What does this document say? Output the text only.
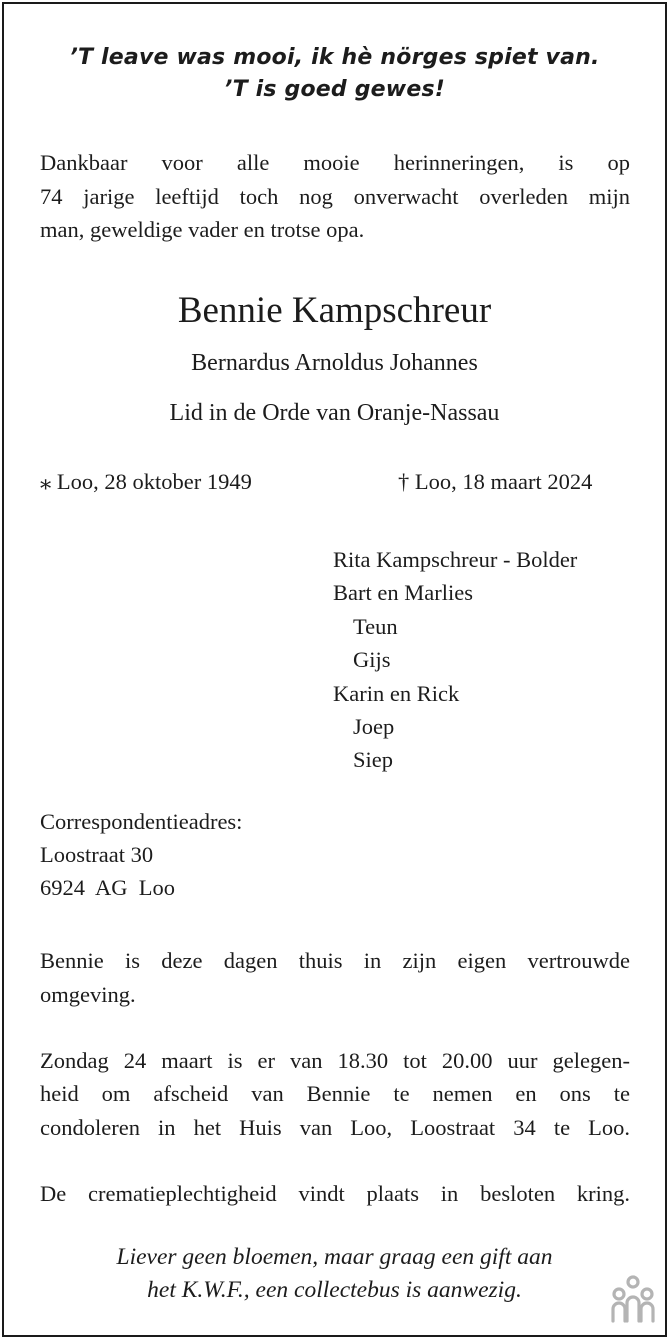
’T leave was mooi, ik hè nörges spiet van.

’T is goed gewes!

Dankbaar voor alle mooie herinneringen, is op

74 jarige leeftijd toch nog onverwacht overleden mijn

man, geweldige vader en trotse opa.

Bennie Kampschreur

Bernardus Arnoldus Johannes

Lid in de Orde van Oranje-Nassau

⁎ Loo, 28 oktober 1949	† Loo, 18 maart 2024

Rita Kampschreur - Bolder

Bart en Marlies

Teun

Gijs

Karin en Rick

Joep

Siep

Correspondentieadres:

Loostraat 30

6924  AG  Loo

Bennie is deze dagen thuis in zijn eigen vertrouwde

omgeving.

Zondag 24 maart is er van 18.30 tot 20.00 uur gelegen-

heid om afscheid van Bennie te nemen en ons te

condoleren in het Huis van Loo, Loostraat 34 te Loo.

De crematieplechtigheid vindt plaats in besloten kring.

Liever geen bloemen, maar graag een gift aan

het K.W.F., een collectebus is aanwezig.
